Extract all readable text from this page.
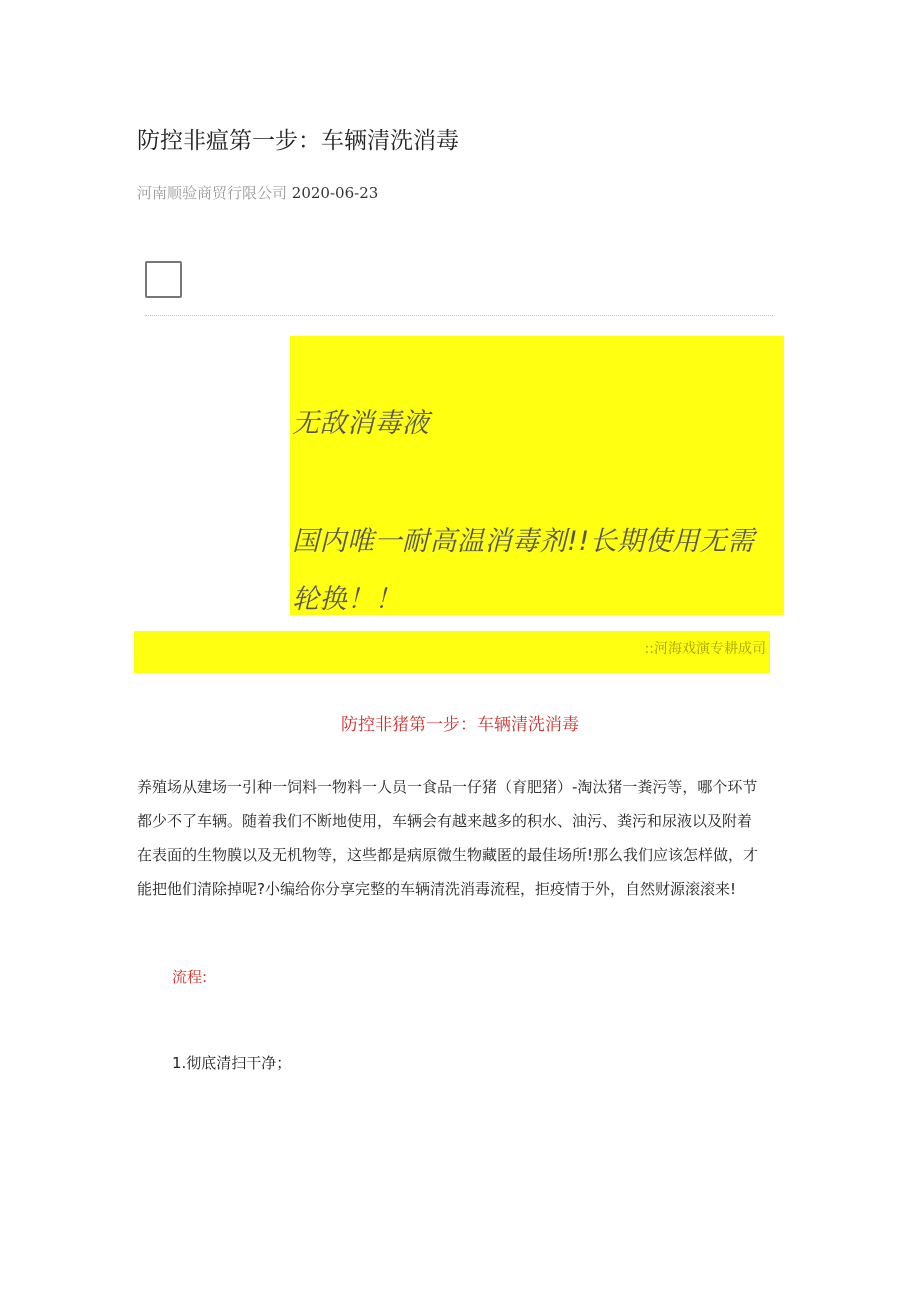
防控非瘟第一步：车辆清洗消毒
河南顺验商贸行限公司 2020-06-23
无敌消毒液
国内唯一耐高温消毒剂!!长期使用无需
轮换！！
::河海戏演专耕成司
防控非猪第一步：车辆清洗消毒
养殖场从建场一引种一饲料一物料一人员一食品一仔猪（育肥猪）-淘汰猪一粪污等，哪个环节
都少不了车辆。随着我们不断地使用，车辆会有越来越多的积水、油污、粪污和尿液以及附着
在表面的生物膜以及无机物等，这些都是病原微生物藏匿的最佳场所!那么我们应该怎样做，才
能把他们清除掉呢?小编给你分享完整的车辆清洗消毒流程，拒疫情于外，自然财源滚滚来!
流程:
1.彻底清扫干净；
